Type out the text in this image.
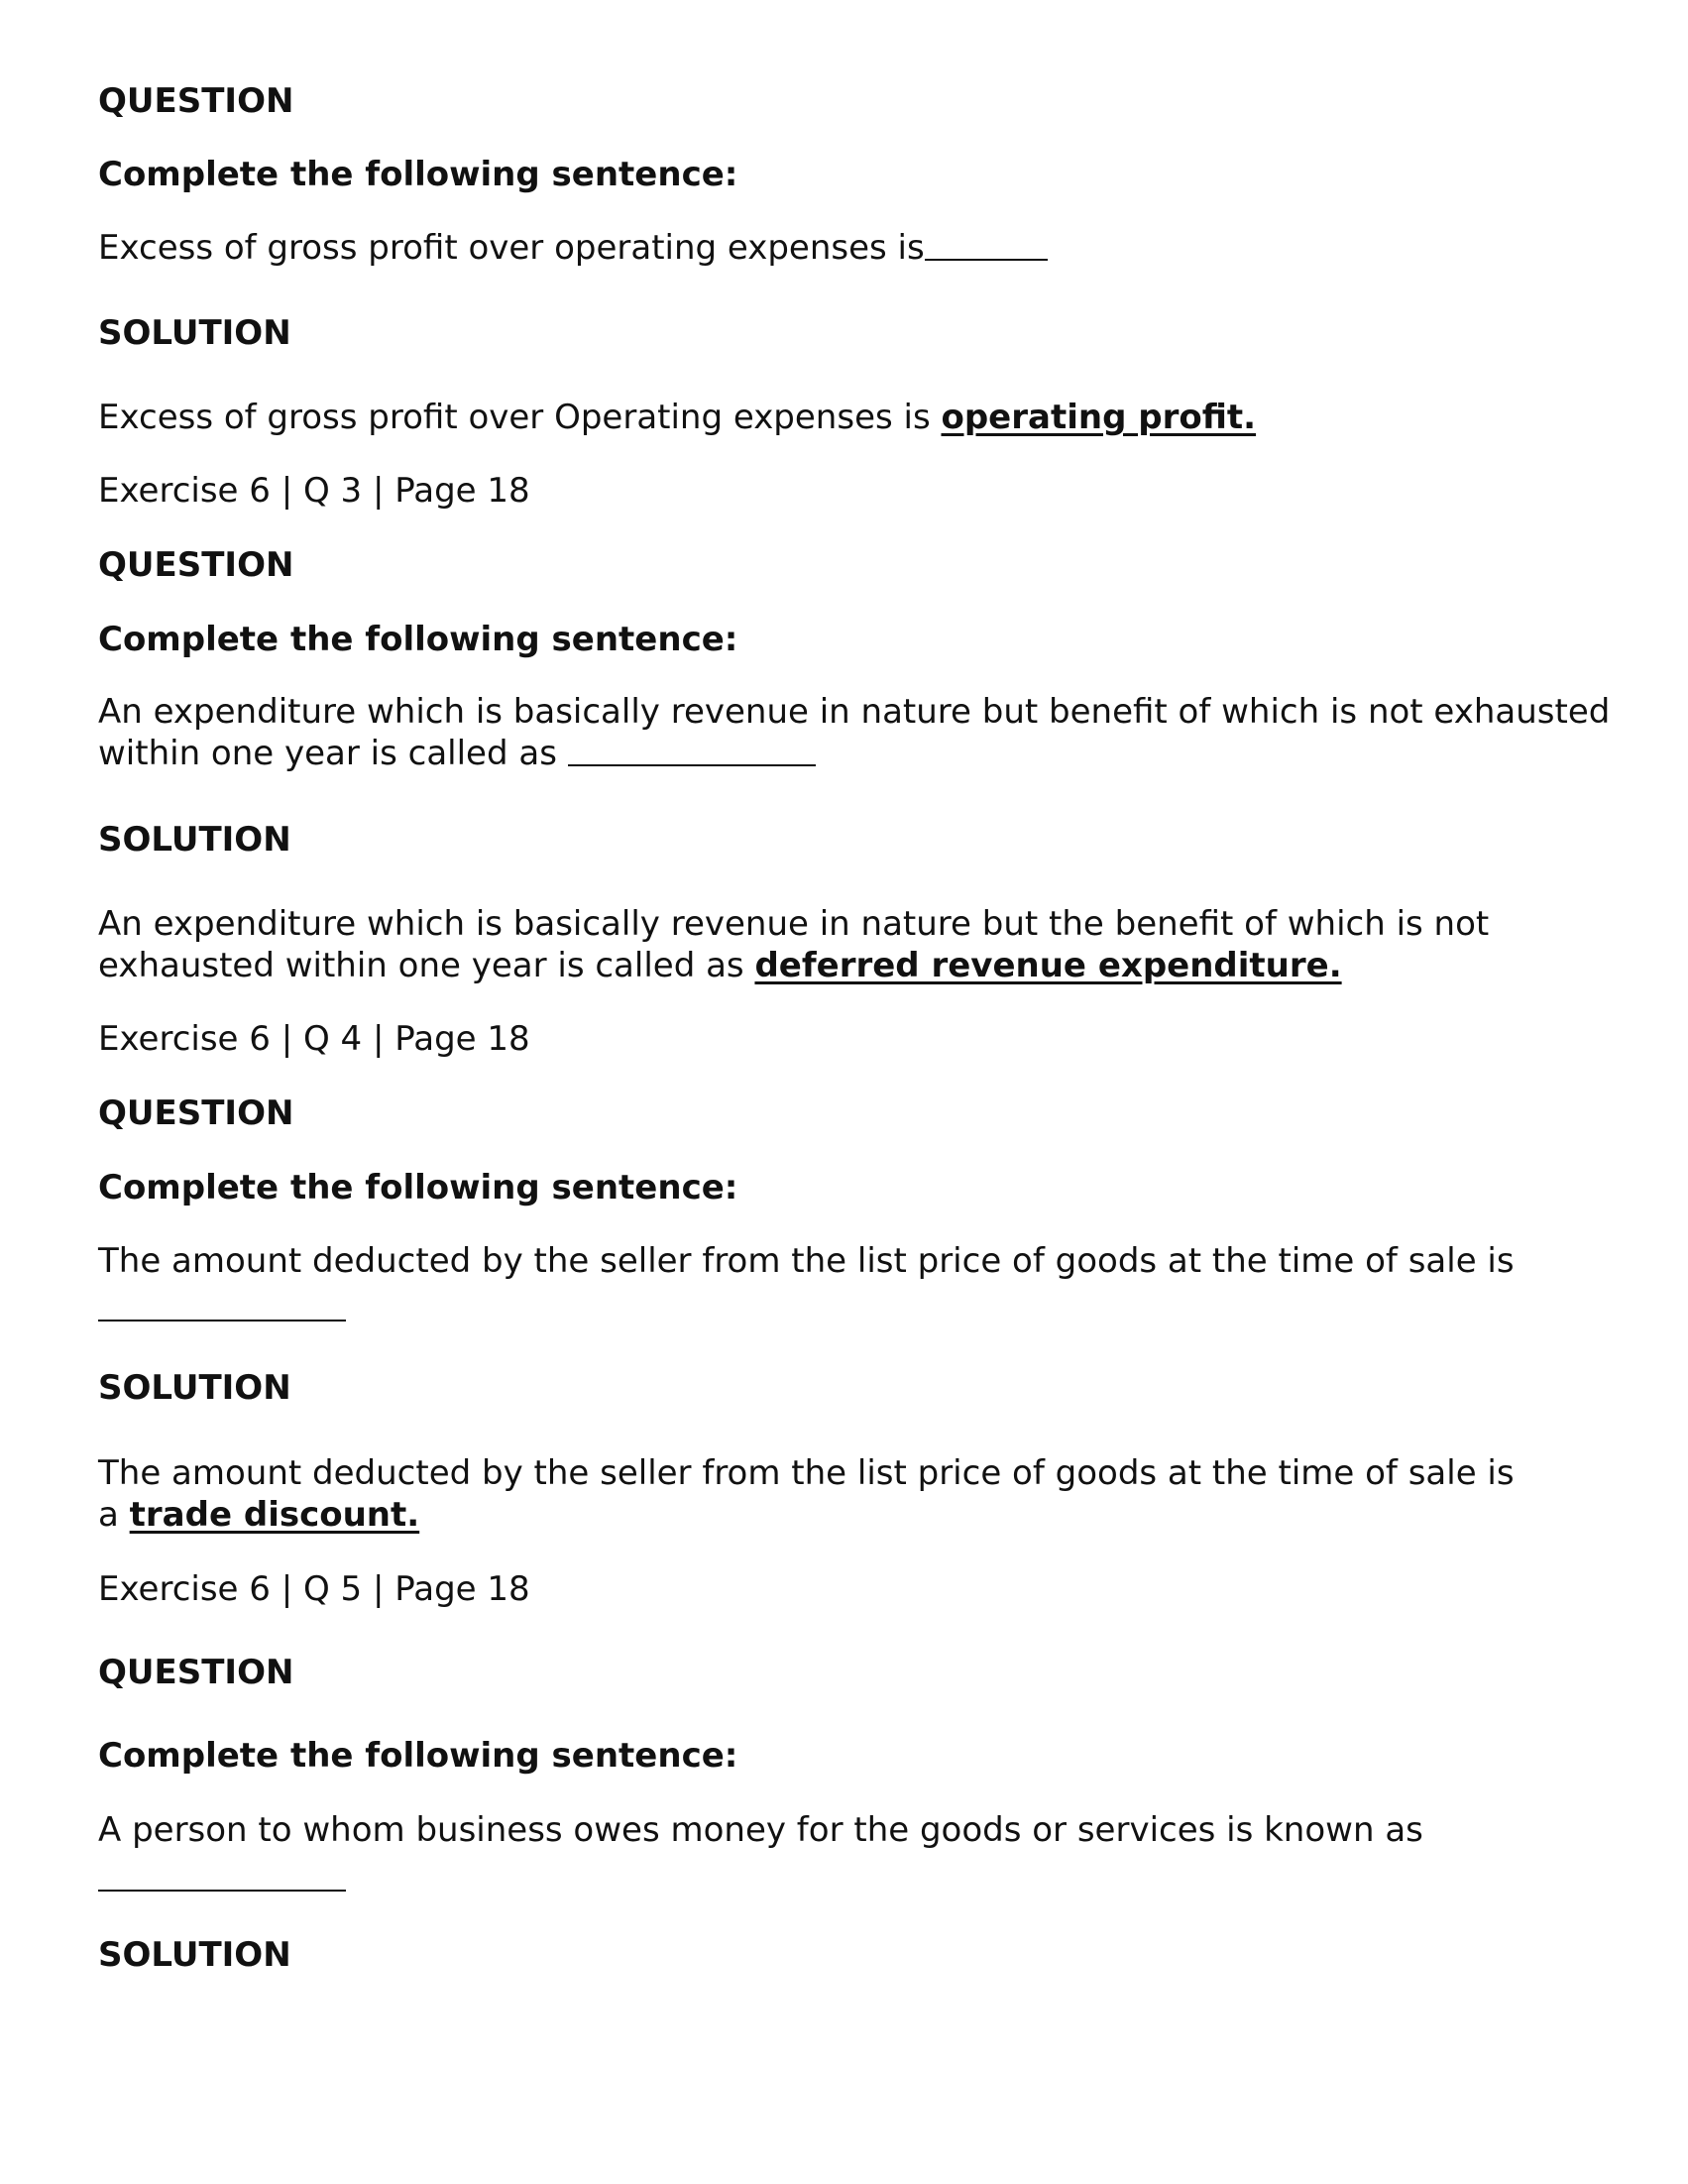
QUESTION

Complete the following sentence:

Excess of gross profit over operating expenses is

SOLUTION

Excess of gross profit over Operating expenses is operating profit.

Exercise 6 | Q 3 | Page 18

QUESTION

Complete the following sentence:

An expenditure which is basically revenue in nature but benefit of which is not exhausted

within one year is called as

SOLUTION

An expenditure which is basically revenue in nature but the benefit of which is not

exhausted within one year is called as deferred revenue expenditure.

Exercise 6 | Q 4 | Page 18

QUESTION

Complete the following sentence:

The amount deducted by the seller from the list price of goods at the time of sale is

SOLUTION

The amount deducted by the seller from the list price of goods at the time of sale is

a trade discount.

Exercise 6 | Q 5 | Page 18

QUESTION

Complete the following sentence:

A person to whom business owes money for the goods or services is known as

SOLUTION
